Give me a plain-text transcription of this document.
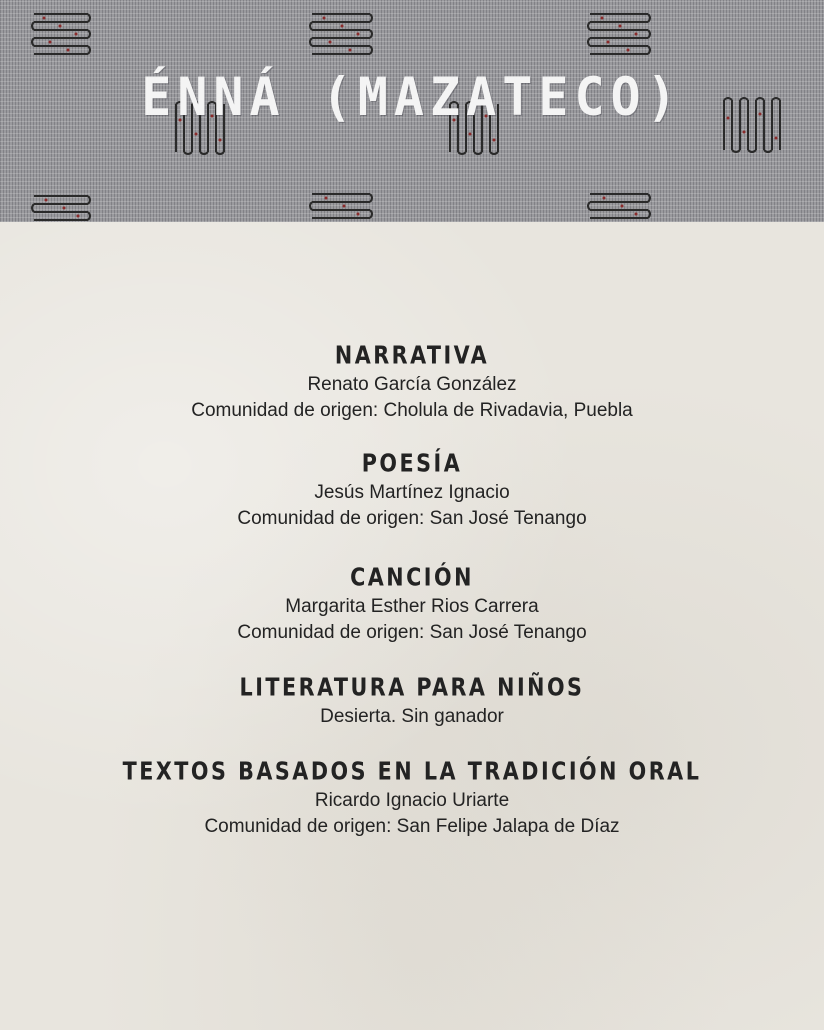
ÉNNÁ (MAZATECO)
NARRATIVA

Renato García González

Comunidad de origen: Cholula de Rivadavia, Puebla

POESÍA

Jesús Martínez Ignacio

Comunidad de origen: San José Tenango

CANCIÓN

Margarita Esther Rios Carrera

Comunidad de origen: San José Tenango

LITERATURA PARA NIÑOS

Desierta. Sin ganador

TEXTOS BASADOS EN LA TRADICIÓN ORAL

Ricardo Ignacio Uriarte

Comunidad de origen: San Felipe Jalapa de Díaz
